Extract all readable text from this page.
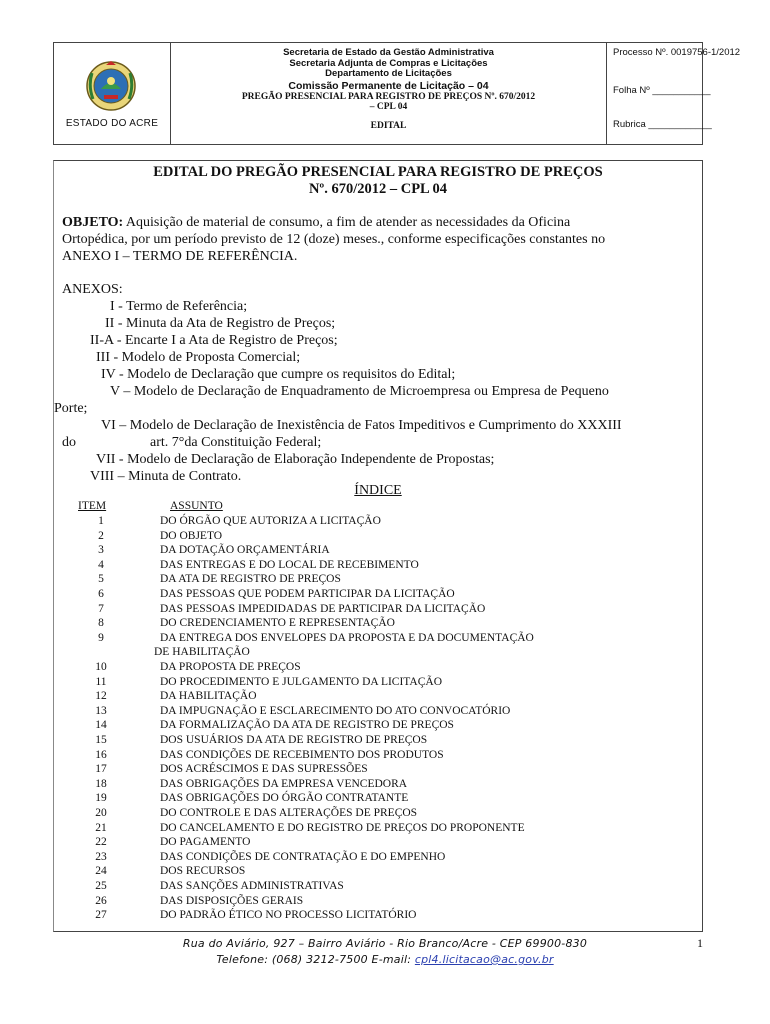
ESTADO DO ACRE
Secretaria de Estado da Gestão Administrativa
Secretaria Adjunta de Compras e Licitações
Departamento de Licitações
Comissão Permanente de Licitação – 04
PREGÃO PRESENCIAL PARA REGISTRO DE PREÇOS Nº. 670/2012
– CPL 04
EDITAL
Processo Nº. 0019756-1/2012
Folha Nº ___________
Rubrica ____________
EDITAL DO PREGÃO PRESENCIAL PARA REGISTRO DE PREÇOS
Nº. 670/2012 – CPL 04
OBJETO: Aquisição de material de consumo, a fim de atender as necessidades da Oficina
Ortopédica, por um período previsto de 12 (doze) meses., conforme especificações constantes no
ANEXO I – TERMO DE REFERÊNCIA.
ANEXOS:
I - Termo de Referência;
II - Minuta da Ata de Registro de Preços;
II-A - Encarte I a Ata de Registro de Preços;
III - Modelo de Proposta Comercial;
IV - Modelo de Declaração que cumpre os requisitos do Edital;
V – Modelo de Declaração de Enquadramento de Microempresa ou Empresa de Pequeno
Porte;
VI – Modelo de Declaração de Inexistência de Fatos Impeditivos e Cumprimento do XXXIII
do	art. 7°da Constituição Federal;
VII - Modelo de Declaração de Elaboração Independente de Propostas;
VIII – Minuta de Contrato.
ÍNDICE
ITEM	ASSUNTO
1	DO ÓRGÃO QUE AUTORIZA A LICITAÇÃO
2	DO OBJETO
3	DA DOTAÇÃO ORÇAMENTÁRIA
4	DAS ENTREGAS E DO LOCAL DE RECEBIMENTO
5	DA ATA DE REGISTRO DE PREÇOS
6	DAS PESSOAS QUE PODEM PARTICIPAR DA LICITAÇÃO
7	DAS PESSOAS IMPEDIDADAS DE PARTICIPAR DA LICITAÇÃO
8	DO CREDENCIAMENTO E REPRESENTAÇÃO
9	DA ENTREGA DOS ENVELOPES DA PROPOSTA E DA DOCUMENTAÇÃO
DE HABILITAÇÃO
10	DA PROPOSTA DE PREÇOS
11	DO PROCEDIMENTO E JULGAMENTO DA LICITAÇÃO
12	DA HABILITAÇÃO
13	DA IMPUGNAÇÃO E ESCLARECIMENTO DO ATO CONVOCATÓRIO
14	DA FORMALIZAÇÃO DA ATA DE REGISTRO DE PREÇOS
15	DOS USUÁRIOS DA ATA DE REGISTRO DE PREÇOS
16	DAS CONDIÇÕES DE RECEBIMENTO DOS PRODUTOS
17	DOS ACRÉSCIMOS E DAS SUPRESSÕES
18	DAS OBRIGAÇÕES DA EMPRESA VENCEDORA
19	DAS OBRIGAÇÕES DO ÓRGÃO CONTRATANTE
20	DO CONTROLE E DAS ALTERAÇÕES DE PREÇOS
21	DO CANCELAMENTO E DO REGISTRO DE PREÇOS DO PROPONENTE
22	DO PAGAMENTO
23	DAS CONDIÇÕES DE CONTRATAÇÃO E DO EMPENHO
24	DOS RECURSOS
25	DAS SANÇÕES ADMINISTRATIVAS
26	DAS DISPOSIÇÕES GERAIS
27	DO PADRÃO ÉTICO NO PROCESSO LICITATÓRIO
Rua do Aviário, 927 – Bairro Aviário - Rio Branco/Acre - CEP 69900-830
Telefone: (068) 3212-7500 E-mail: cpl4.licitacao@ac.gov.br
1
